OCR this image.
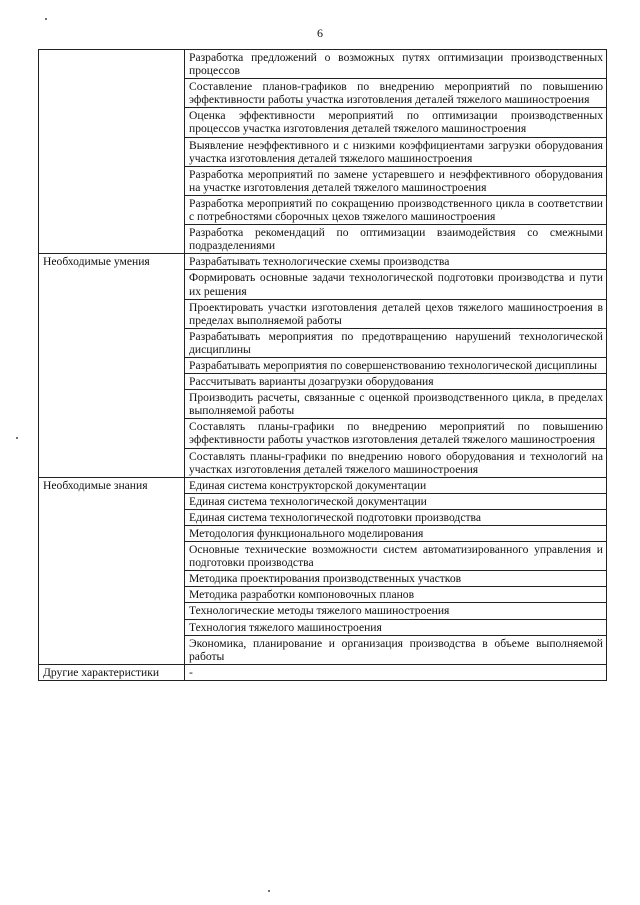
6
	Разработка предложений о возможных путях оптимизации производственных процессов
	Составление планов-графиков по внедрению мероприятий по повышению эффективности работы участка изготовления деталей тяжелого машиностроения
	Оценка эффективности мероприятий по оптимизации производственных процессов участка изготовления деталей тяжелого машиностроения
	Выявление неэффективного и с низкими коэффициентами загрузки оборудования участка изготовления деталей тяжелого машиностроения
	Разработка мероприятий по замене устаревшего и неэффективного оборудования на участке изготовления деталей тяжелого машиностроения
	Разработка мероприятий по сокращению производственного цикла в соответствии с потребностями сборочных цехов тяжелого машиностроения
	Разработка рекомендаций по оптимизации взаимодействия со смежными подразделениями
Необходимые умения	Разрабатывать технологические схемы производства
	Формировать основные задачи технологической подготовки производства и пути их решения
	Проектировать участки изготовления деталей цехов тяжелого машиностроения в пределах выполняемой работы
	Разрабатывать мероприятия по предотвращению нарушений технологической дисциплины
	Разрабатывать мероприятия по совершенствованию технологической дисциплины
	Рассчитывать варианты дозагрузки оборудования
	Производить расчеты, связанные с оценкой производственного цикла, в пределах выполняемой работы
	Составлять планы-графики по внедрению мероприятий по повышению эффективности работы участков изготовления деталей тяжелого машиностроения
	Составлять планы-графики по внедрению нового оборудования и технологий на участках изготовления деталей тяжелого машиностроения
Необходимые знания	Единая система конструкторской документации
	Единая система технологической документации
	Единая система технологической подготовки производства
	Методология функционального моделирования
	Основные технические возможности систем автоматизированного управления и подготовки производства
	Методика проектирования производственных участков
	Методика разработки компоновочных планов
	Технологические методы тяжелого машиностроения
	Технология тяжелого машиностроения
	Экономика, планирование и организация производства в объеме выполняемой работы
Другие характеристики	-
